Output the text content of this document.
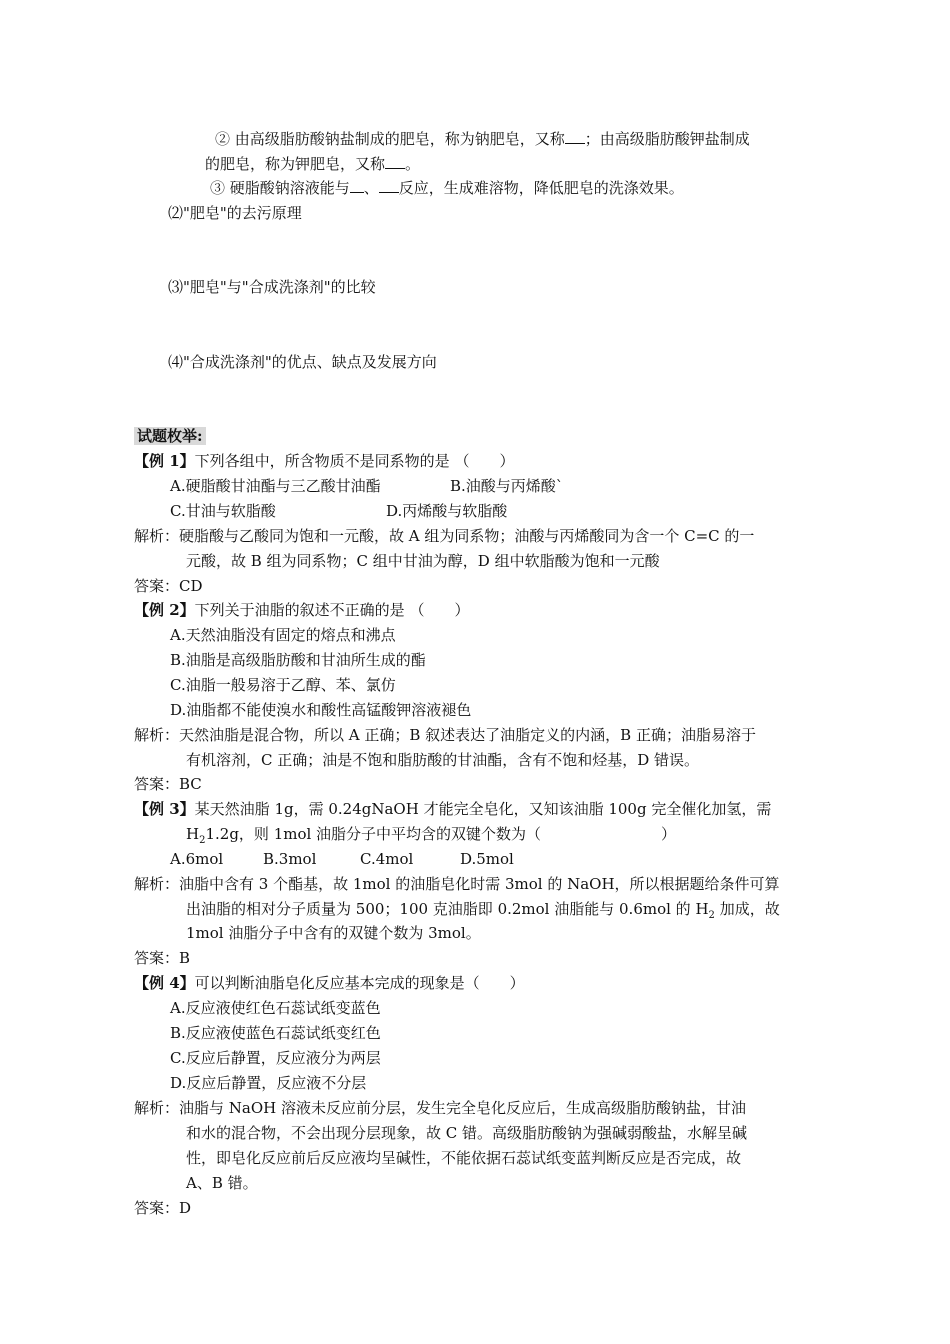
② 由高级脂肪酸钠盐制成的肥皂，称为钠肥皂，又称 ；由高级脂肪酸钾盐制成
的肥皂，称为钾肥皂，又称 。
③ 硬脂酸钠溶液能与 、 反应，生成难溶物，降低肥皂的洗涤效果。
⑵"肥皂"的去污原理
⑶"肥皂"与"合成洗涤剂"的比较
⑷"合成洗涤剂"的优点、缺点及发展方向
试题枚举:
【例 1】下列各组中，所含物质不是同系物的是 （　　）
A.硬脂酸甘油酯与三乙酸甘油酯	B.油酸与丙烯酸`
C.甘油与软脂酸	D.丙烯酸与软脂酸
解析：硬脂酸与乙酸同为饱和一元酸，故 A 组为同系物；油酸与丙烯酸同为含一个 C=C 的一
元酸，故 B 组为同系物；C 组中甘油为醇，D 组中软脂酸为饱和一元酸
答案：CD
【例 2】下列关于油脂的叙述不正确的是 （　　）
A.天然油脂没有固定的熔点和沸点
B.油脂是高级脂肪酸和甘油所生成的酯
C.油脂一般易溶于乙醇、苯、氯仿
D.油脂都不能使溴水和酸性高锰酸钾溶液褪色
解析：天然油脂是混合物，所以 A 正确；B 叙述表达了油脂定义的内涵，B 正确；油脂易溶于
有机溶剂，C 正确；油是不饱和脂肪酸的甘油酯，含有不饱和烃基，D 错误。
答案：BC
【例 3】某天然油脂 1g，需 0.24gNaOH 才能完全皂化，又知该油脂 100g 完全催化加氢，需
$H_21.2g$，则 1mol 油脂分子中平均含的双键个数为（　　　　　　　　）
A.6mol	B.3mol	C.4mol	D.5mol
解析：油脂中含有 3 个酯基，故 1mol 的油脂皂化时需 3mol 的 NaOH，所以根据题给条件可算
出油脂的相对分子质量为 500；100 克油脂即 0.2mol 油脂能与 0.6mol 的 $H_2$ 加成，故
1mol 油脂分子中含有的双键个数为 3mol。
答案：B
【例 4】可以判断油脂皂化反应基本完成的现象是（　　）
A.反应液使红色石蕊试纸变蓝色
B.反应液使蓝色石蕊试纸变红色
C.反应后静置，反应液分为两层
D.反应后静置，反应液不分层
解析：油脂与 NaOH 溶液未反应前分层，发生完全皂化反应后，生成高级脂肪酸钠盐，甘油
和水的混合物，不会出现分层现象，故 C 错。高级脂肪酸钠为强碱弱酸盐，水解呈碱
性，即皂化反应前后反应液均呈碱性，不能依据石蕊试纸变蓝判断反应是否完成，故
A、B 错。
答案：D
